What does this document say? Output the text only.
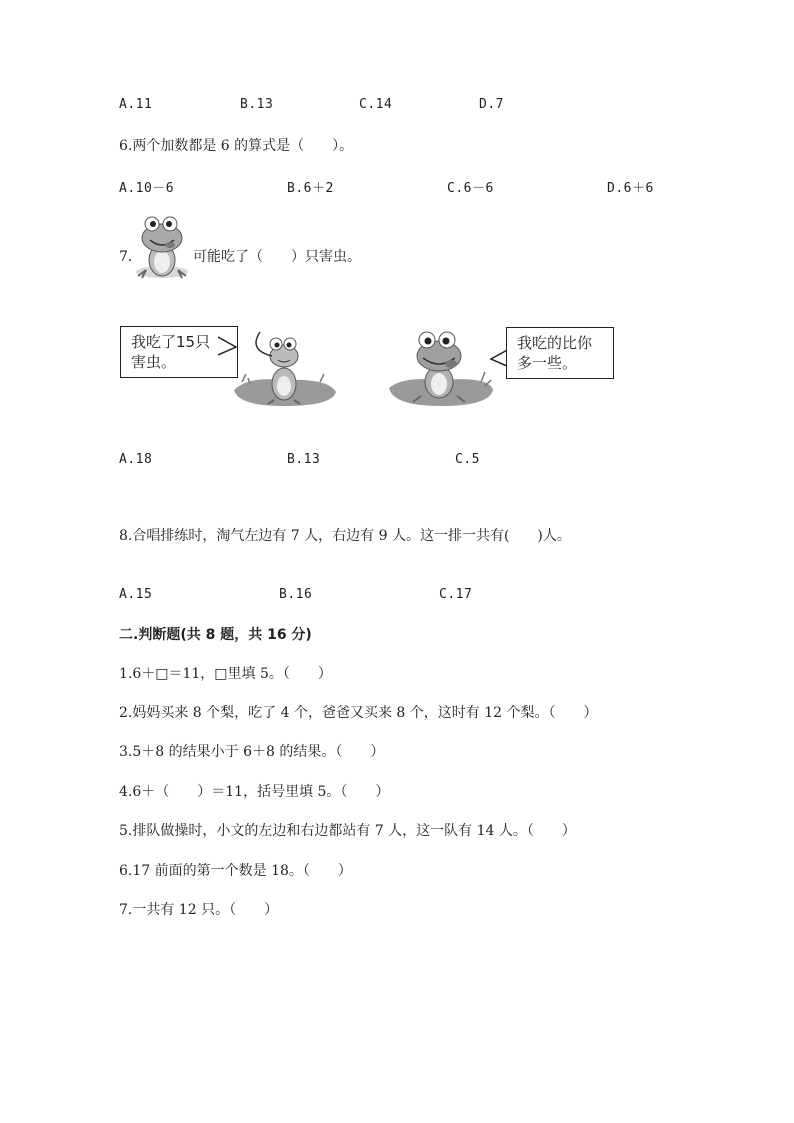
A.11	B.13	C.14	D.7
6.两个加数都是 6 的算式是（　　）。
A.10－6	B.6＋2	C.6－6	D.6＋6
7.	可能吃了（　　）只害虫。
我吃了15只
害虫。
我吃的比你
多一些。
A.18	B.13	C.5
8.合唱排练时，淘气左边有 7 人，右边有 9 人。这一排一共有(　　)人。
A.15	B.16	C.17
二.判断题(共 8 题，共 16 分)
1.6＋□＝11，□里填 5。（　　）
2.妈妈买来 8 个梨，吃了 4 个，爸爸又买来 8 个，这时有 12 个梨。（　　）
3.5＋8 的结果小于 6＋8 的结果。（　　）
4.6＋（　　）＝11，括号里填 5。（　　）
5.排队做操时，小文的左边和右边都站有 7 人，这一队有 14 人。（　　）
6.17 前面的第一个数是 18。（　　）
7.一共有 12 只。（　　）
